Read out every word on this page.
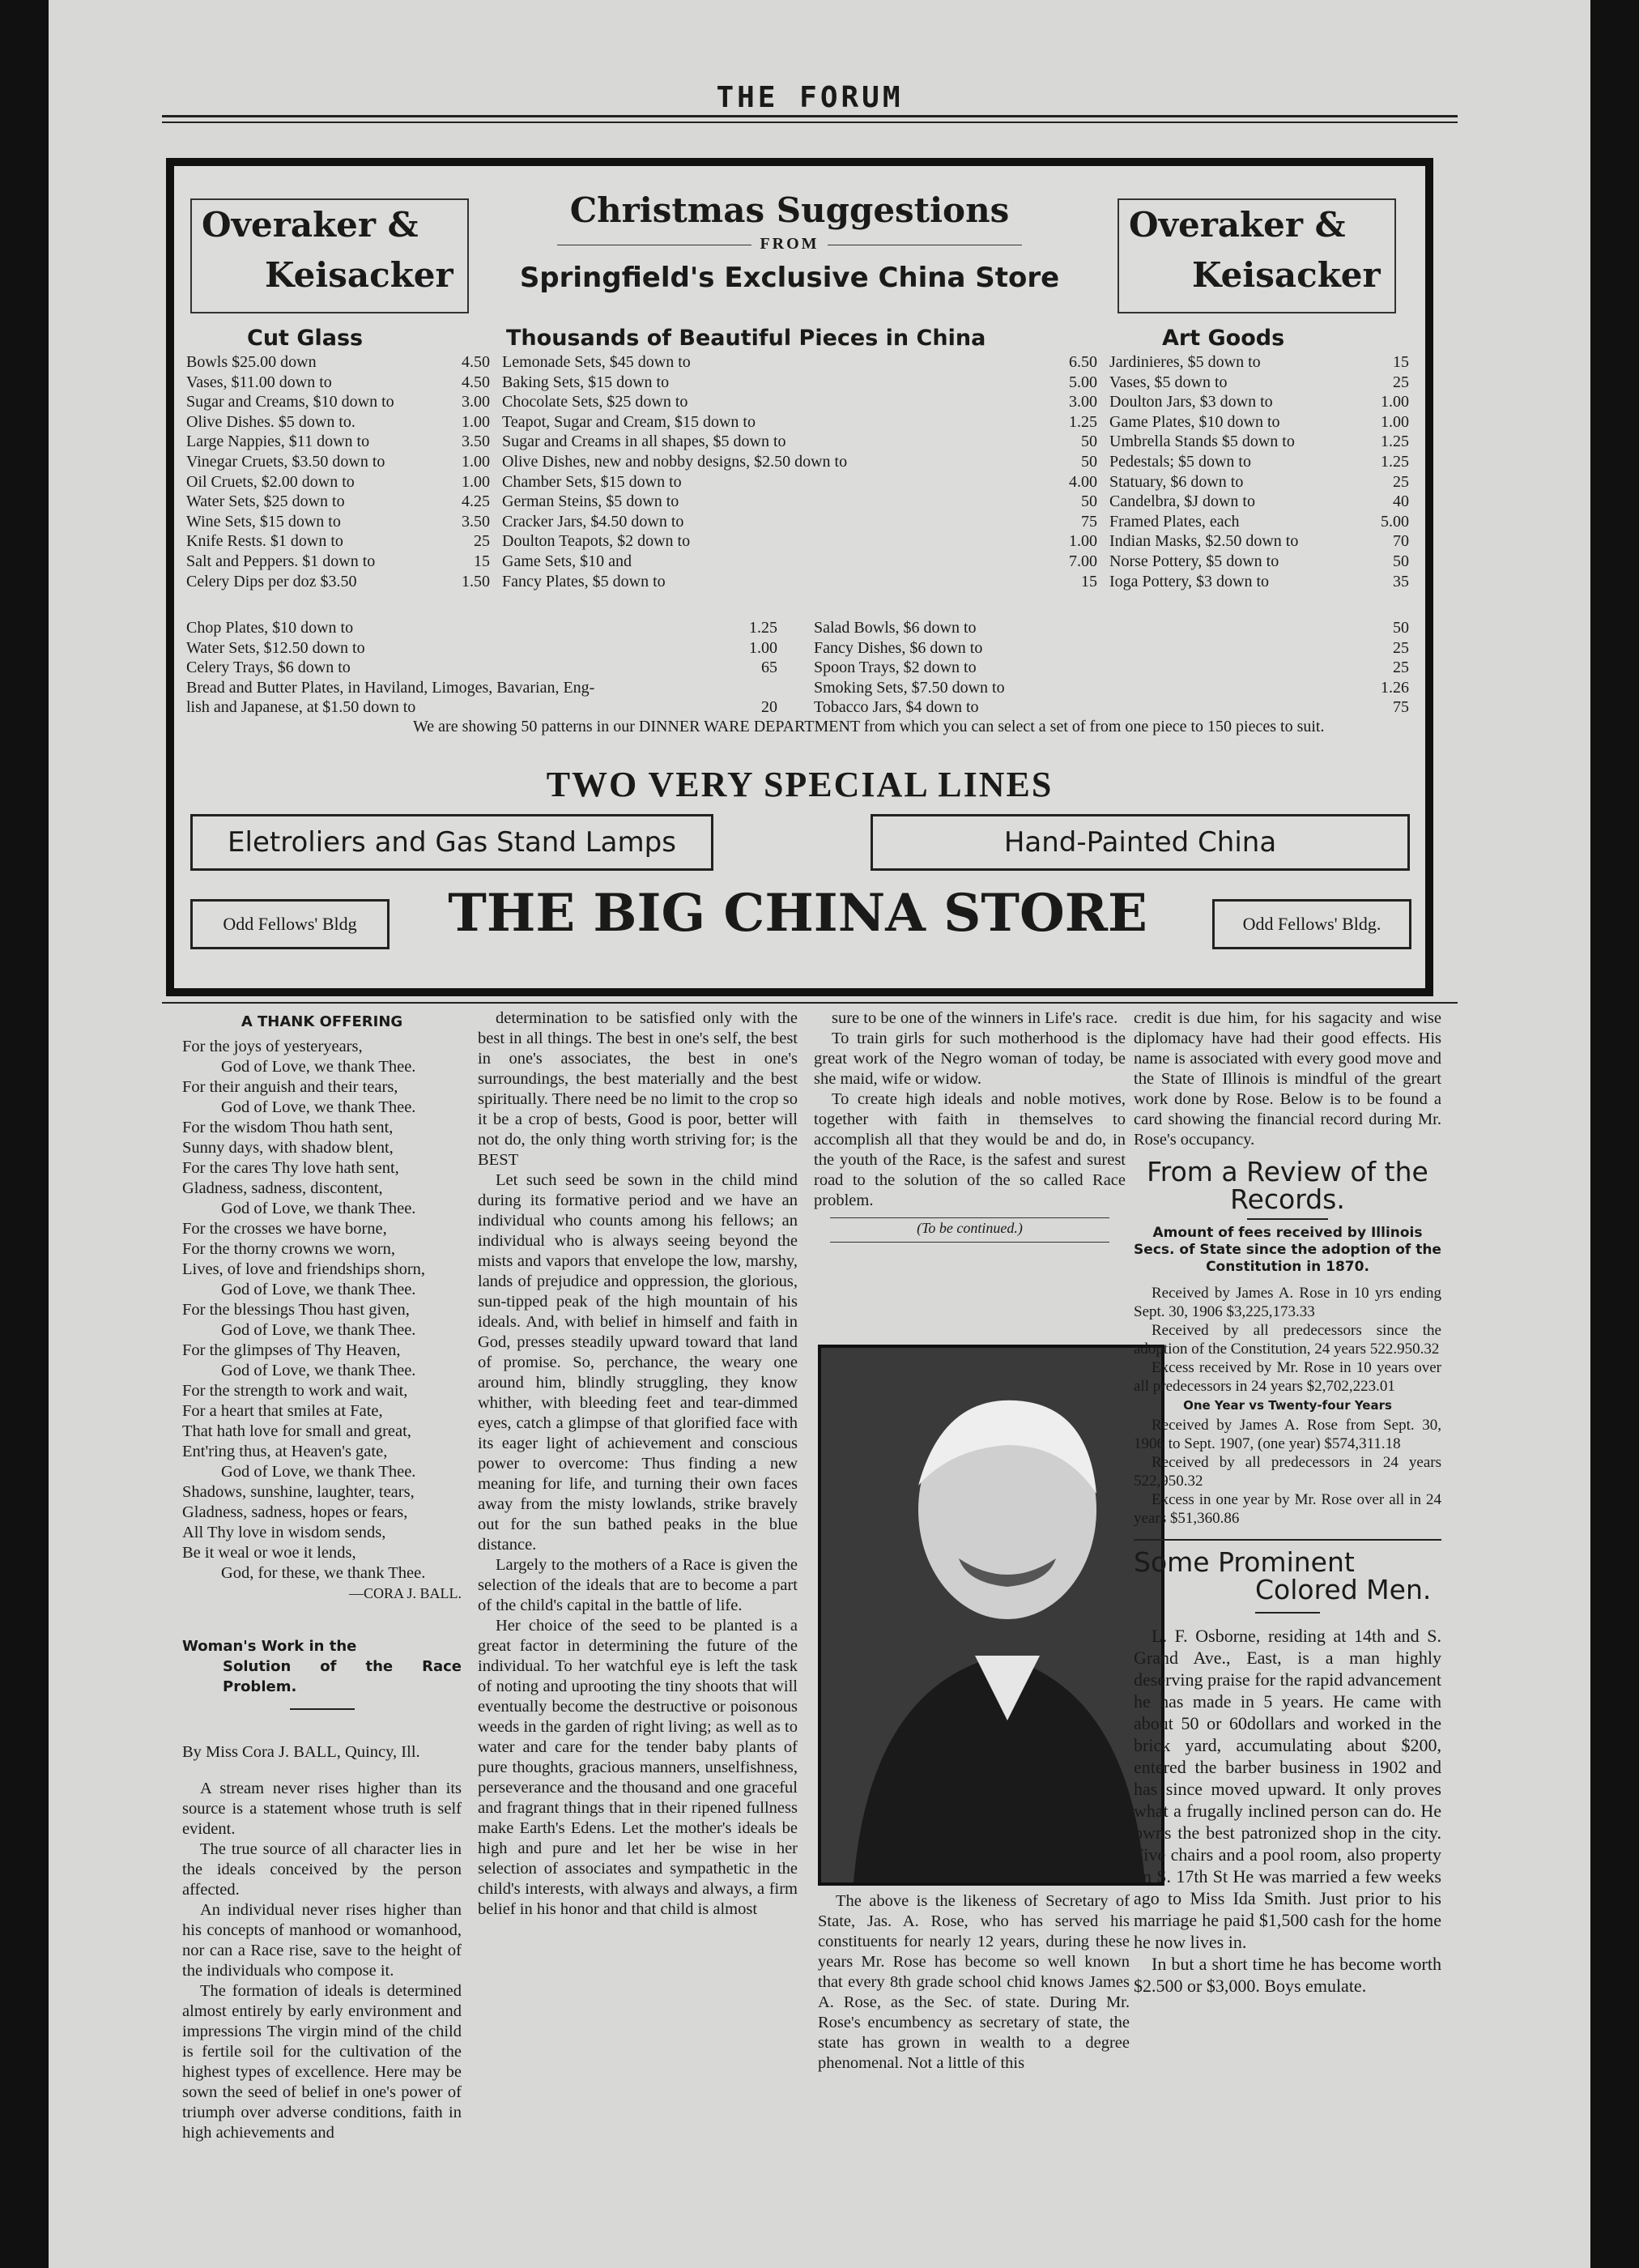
THE FORUM
Overaker &
Keisacker
Overaker &
Keisacker
Christmas Suggestions
FROM
Springfield's Exclusive China Store
Cut Glass	Thousands of Beautiful Pieces in China	Art Goods
Bowls $25.00 down	4.50
Vases, $11.00 down to	4.50
Sugar and Creams, $10 down to	3.00
Olive Dishes. $5 down to.	1.00
Large Nappies, $11 down to	3.50
Vinegar Cruets, $3.50 down to	1.00
Oil Cruets, $2.00 down to	1.00
Water Sets, $25 down to	4.25
Wine Sets, $15 down to	3.50
Knife Rests. $1 down to	25
Salt and Peppers. $1 down to	15
Celery Dips per doz $3.50	1.50
Lemonade Sets, $45 down to	6.50
Baking Sets, $15 down to	5.00
Chocolate Sets, $25 down to	3.00
Teapot, Sugar and Cream, $15 down to	1.25
Sugar and Creams in all shapes, $5 down to	50
Olive Dishes, new and nobby designs, $2.50 down to	50
Chamber Sets, $15 down to	4.00
German Steins, $5 down to	50
Cracker Jars, $4.50 down to	75
Doulton Teapots, $2 down to	1.00
Game Sets, $10 and	7.00
Fancy Plates, $5 down to	15
Jardinieres, $5 down to	15
Vases, $5 down to	25
Doulton Jars, $3 down to	1.00
Game Plates, $10 down to	1.00
Umbrella Stands $5 down to	1.25
Pedestals; $5 down to	1.25
Statuary, $6 down to	25
Candelbra, $J down to	40
Framed Plates, each	5.00
Indian Masks, $2.50 down to	70
Norse Pottery, $5 down to	50
Ioga Pottery, $3 down to	35
Chop Plates, $10 down to	1.25
Water Sets, $12.50 down to	1.00
Celery Trays, $6 down to	65
Bread and Butter Plates, in Haviland, Limoges, Bavarian, Eng-
lish and Japanese, at $1.50 down to	20
Salad Bowls, $6 down to	50
Fancy Dishes, $6 down to	25
Spoon Trays, $2 down to	25
Smoking Sets, $7.50 down to	1.26
Tobacco Jars, $4 down to	75
We are showing 50 patterns in our DINNER WARE DEPARTMENT from which you can select a set of from one piece to 150 pieces to suit.
TWO VERY SPECIAL LINES
Eletroliers and Gas Stand Lamps	Hand-Painted China
Odd Fellows' Bldg	Odd Fellows' Bldg.
THE BIG CHINA STORE
A THANK OFFERING

For the joys of yesteryears,

God of Love, we thank Thee.

For their anguish and their tears,

God of Love, we thank Thee.

For the wisdom Thou hath sent,

Sunny days, with shadow blent,

For the cares Thy love hath sent,

Gladness, sadness, discontent,

God of Love, we thank Thee.

For the crosses we have borne,

For the thorny crowns we worn,

Lives, of love and friendships shorn,

God of Love, we thank Thee.

For the blessings Thou hast given,

God of Love, we thank Thee.

For the glimpses of Thy Heaven,

God of Love, we thank Thee.

For the strength to work and wait,

For a heart that smiles at Fate,

That hath love for small and great,

Ent'ring thus, at Heaven's gate,

God of Love, we thank Thee.

Shadows, sunshine, laughter, tears,

Gladness, sadness, hopes or fears,

All Thy love in wisdom sends,

Be it weal or woe it lends,

God, for these, we thank Thee.

—CORA J. BALL.
Woman's Work in the
Solution of the Race Problem.
By Miss Cora J. BALL, Quincy, Ill.

A stream never rises higher than its source is a statement whose truth is self evident.

The true source of all character lies in the ideals conceived by the person affected.

An individual never rises higher than his concepts of manhood or womanhood, nor can a Race rise, save to the height of the individuals who compose it.

The formation of ideals is determined almost entirely by early environment and impressions The virgin mind of the child is fertile soil for the cultivation of the highest types of excellence. Here may be sown the seed of belief in one's power of triumph over adverse conditions, faith in high achievements and

determination to be satisfied only with the best in all things. The best in one's self, the best in one's associates, the best in one's surroundings, the best materially and the best spiritually. There need be no limit to the crop so it be a crop of bests, Good is poor, better will not do, the only thing worth striving for; is the BEST

Let such seed be sown in the child mind during its formative period and we have an individual who counts among his fellows; an individual who is always seeing beyond the mists and vapors that envelope the low, marshy, lands of prejudice and oppression, the glorious, sun-tipped peak of the high mountain of his ideals. And, with belief in himself and faith in God, presses steadily upward toward that land of promise. So, perchance, the weary one around him, blindly struggling, they know whither, with bleeding feet and tear-dimmed eyes, catch a glimpse of that glorified face with its eager light of achievement and conscious power to overcome: Thus finding a new meaning for life, and turning their own faces away from the misty lowlands, strike bravely out for the sun bathed peaks in the blue distance.

Largely to the mothers of a Race is given the selection of the ideals that are to become a part of the child's capital in the battle of life.

Her choice of the seed to be planted is a great factor in determining the future of the individual. To her watchful eye is left the task of noting and uprooting the tiny shoots that will eventually become the destructive or poisonous weeds in the garden of right living; as well as to water and care for the tender baby plants of pure thoughts, gracious manners, unselfishness, perseverance and the thousand and one graceful and fragrant things that in their ripened fullness make Earth's Edens. Let the mother's ideals be high and pure and let her be wise in her selection of associates and sympathetic in the child's interests, with always and always, a firm belief in his honor and that child is almost

sure to be one of the winners in Life's race.

To train girls for such motherhood is the great work of the Negro woman of today, be she maid, wife or widow.

To create high ideals and noble motives, together with faith in themselves to accomplish all that they would be and do, in the youth of the Race, is the safest and surest road to the solution of the so called Race problem.

(To be continued.)

The above is the likeness of Secretary of State, Jas. A. Rose, who has served his constituents for nearly 12 years, during these years Mr. Rose has become so well known that every 8th grade school chid knows James A. Rose, as the Sec. of state. During Mr. Rose's encumbency as secretary of state, the state has grown in wealth to a degree phenomenal. Not a little of this

credit is due him, for his sagacity and wise diplomacy have had their good effects. His name is associated with every good move and the State of Illinois is mindful of the greart work done by Rose. Below is to be found a card showing the financial record during Mr. Rose's occupancy.

From a Review of the Records.
Amount of fees received by Illinois Secs. of State since the adoption of the Constitution in 1870.

Received by James A. Rose in 10 yrs ending Sept. 30, 1906 $3,225,173.33

Received by all predecessors since the adoption of the Constitution, 24 years 522.950.32

Excess received by Mr. Rose in 10 years over all predecessors in 24 years $2,702,223.01

One Year vs Twenty-four Years

Received by James A. Rose from Sept. 30, 1906 to Sept. 1907, (one year) $574,311.18

Received by all predecessors in 24 years 522,950.32

Excess in one year by Mr. Rose over all in 24 years $51,360.86

Some Prominent
Colored Men.

L. F. Osborne, residing at 14th and S. Grand Ave., East, is a man highly deserving praise for the rapid advancement he has made in 5 years. He came with about 50 or 60dollars and worked in the brick yard, accumulating about $200, entered the barber business in 1902 and has since moved upward. It only proves what a frugally inclined person can do. He owns the best patronized shop in the city. Five chairs and a pool room, also property on S. 17th St He was married a few weeks ago to Miss Ida Smith. Just prior to his marriage he paid $1,500 cash for the home he now lives in.

In but a short time he has become worth $2.500 or $3,000. Boys emulate.
